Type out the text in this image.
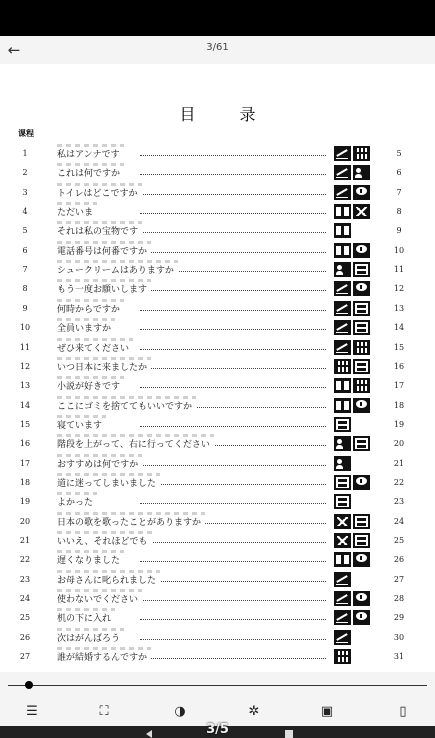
←	3/61
目　录
课程
1	私はアンナです	5
2	これは何ですか	6
3	トイレはどこですか	7
4	ただいま	8
5	それは私の宝物です	9
6	電話番号は何番ですか	10
7	シュークリームはありますか	11
8	もう一度お願いします	12
9	何時からですか	13
10	全員いますか	14
11	ぜひ来てください	15
12	いつ日本に来ましたか	16
13	小説が好きです	17
14	ここにゴミを捨ててもいいですか	18
15	寝ています	19
16	階段を上がって、右に行ってください	20
17	おすすめは何ですか	21
18	道に迷ってしまいました	22
19	よかった	23
20	日本の歌を歌ったことがありますか	24
21	いいえ、それほどでも	25
22	遅くなりました	26
23	お母さんに叱られました	27
24	使わないでください	28
25	机の下に入れ	29
26	次はがんばろう	30
27	誰が結婚するんですか	31
☰	⛶	◑	✲	▣	▯
3/5
